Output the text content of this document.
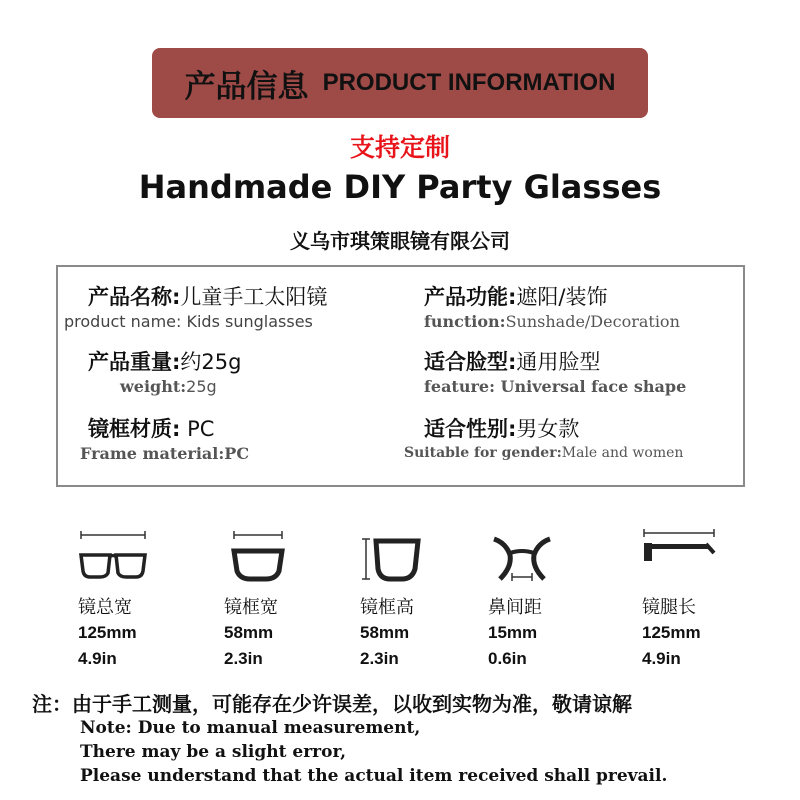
产品信息 PRODUCT INFORMATION
支持定制
Handmade DIY Party Glasses
义乌市琪策眼镜有限公司
产品名称:儿童手工太阳镜
product name: Kids sunglasses
产品功能:遮阳/装饰
function:Sunshade/Decoration
产品重量:约25g
weight:25g
适合脸型:通用脸型
feature: Universal face shape
镜框材质: PC
Frame material:PC
适合性别:男女款
Suitable for gender:Male and women
镜总宽
125mm
4.9in
镜框宽
58mm
2.3in
镜框高
58mm
2.3in
鼻间距
15mm
0.6in
镜腿长
125mm
4.9in
注：由于手工测量，可能存在少许误差，以收到实物为准，敬请谅解
Note: Due to manual measurement,
There may be a slight error,
Please understand that the actual item received shall prevail.
